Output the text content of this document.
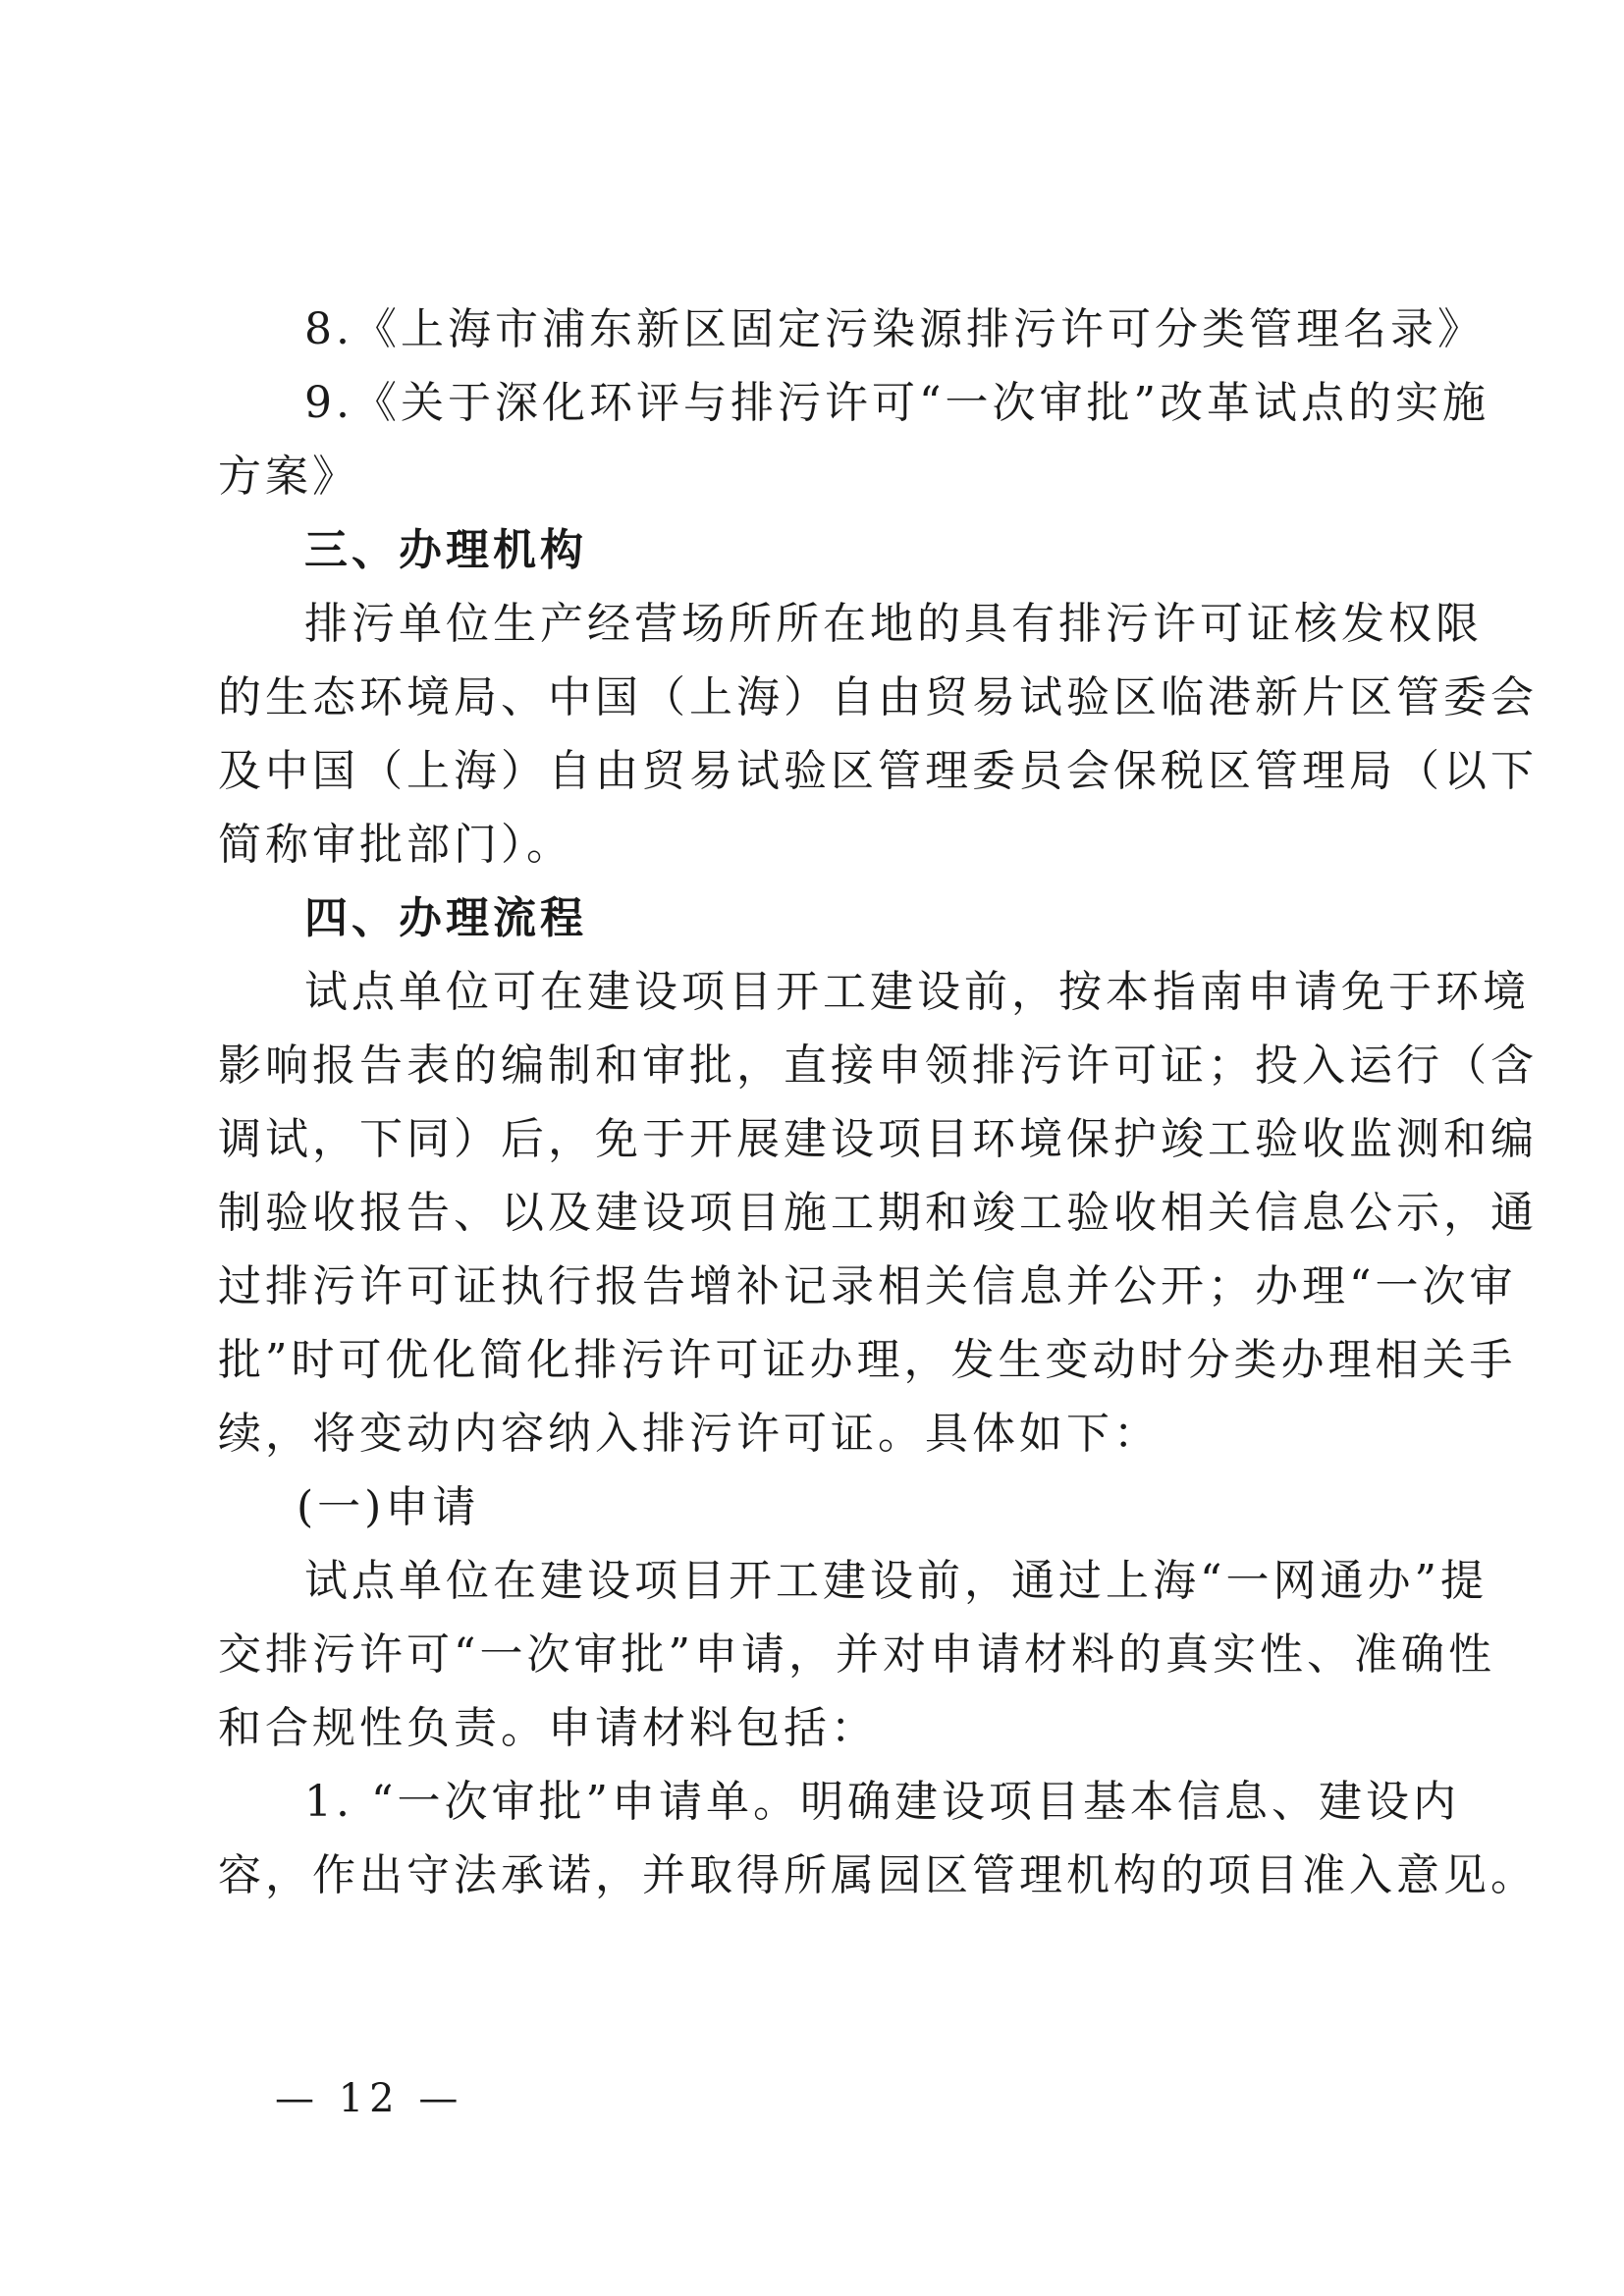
8.《上海市浦东新区固定污染源排污许可分类管理名录》
9.《关于深化环评与排污许可“一次审批”改革试点的实施
方案》
三、办理机构
排污单位生产经营场所所在地的具有排污许可证核发权限
的生态环境局、中国（上海）自由贸易试验区临港新片区管委会
及中国（上海）自由贸易试验区管理委员会保税区管理局（以下
简称审批部门）。
四、办理流程
试点单位可在建设项目开工建设前，按本指南申请免于环境
影响报告表的编制和审批，直接申领排污许可证；投入运行（含
调试，下同）后，免于开展建设项目环境保护竣工验收监测和编
制验收报告、以及建设项目施工期和竣工验收相关信息公示，通
过排污许可证执行报告增补记录相关信息并公开；办理“一次审
批”时可优化简化排污许可证办理，发生变动时分类办理相关手
续，将变动内容纳入排污许可证。具体如下：
(一)申请
试点单位在建设项目开工建设前，通过上海“一网通办”提
交排污许可“一次审批”申请，并对申请材料的真实性、准确性
和合规性负责。申请材料包括：
1. “一次审批”申请单。明确建设项目基本信息、建设内
容，作出守法承诺，并取得所属园区管理机构的项目准入意见。
— 12 —
